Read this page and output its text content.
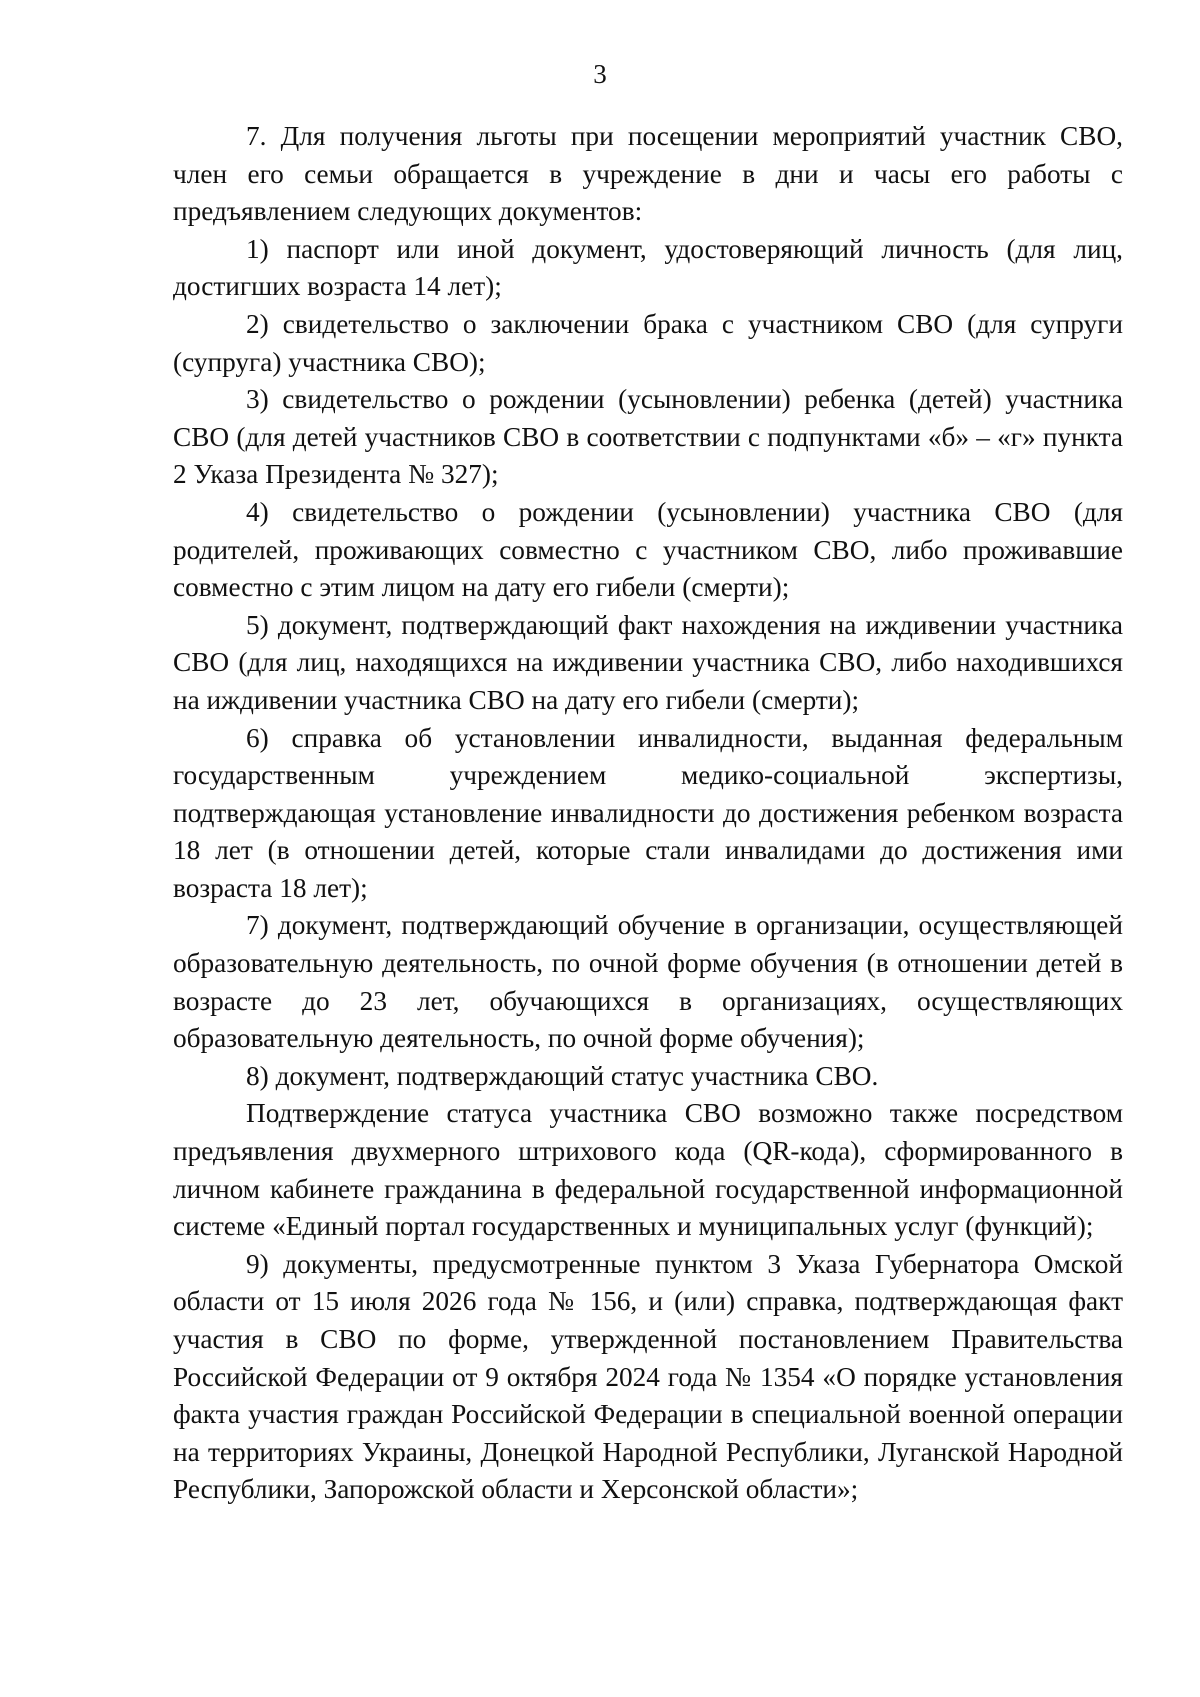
3

7. Для получения льготы при посещении мероприятий участник СВО, член его семьи обращается в учреждение в дни и часы его работы с предъявлением следующих документов:

1) паспорт или иной документ, удостоверяющий личность (для лиц, достигших возраста 14 лет);

2) свидетельство о заключении брака с участником СВО (для супруги (супруга) участника СВО);

3) свидетельство о рождении (усыновлении) ребенка (детей) участника СВО (для детей участников СВО в соответствии с подпунктами «б» – «г» пункта 2 Указа Президента № 327);

4) свидетельство о рождении (усыновлении) участника СВО (для родителей, проживающих совместно с участником СВО, либо проживавшие совместно с этим лицом на дату его гибели (смерти);

5) документ, подтверждающий факт нахождения на иждивении участника СВО (для лиц, находящихся на иждивении участника СВО, либо находившихся на иждивении участника СВО на дату его гибели (смерти);

6) справка об установлении инвалидности, выданная федеральным государственным учреждением медико-социальной экспертизы, подтверждающая установление инвалидности до достижения ребенком возраста 18 лет (в отношении детей, которые стали инвалидами до достижения ими возраста 18 лет);

7) документ, подтверждающий обучение в организации, осуществляющей образовательную деятельность, по очной форме обучения (в отношении детей в возрасте до 23 лет, обучающихся в организациях, осуществляющих образовательную деятельность, по очной форме обучения);

8) документ, подтверждающий статус участника СВО.

Подтверждение статуса участника СВО возможно также посредством предъявления двухмерного штрихового кода (QR-кода), сформированного в личном кабинете гражданина в федеральной государственной информационной системе «Единый портал государственных и муниципальных услуг (функций);

9) документы, предусмотренные пунктом 3 Указа Губернатора Омской области от 15 июля 2026 года № 156, и (или) справка, подтверждающая факт участия в СВО по форме, утвержденной постановлением Правительства Российской Федерации от 9 октября 2024 года № 1354 «О порядке установления факта участия граждан Российской Федерации в специальной военной операции на территориях Украины, Донецкой Народной Республики, Луганской Народной Республики, Запорожской области и Херсонской области»;
